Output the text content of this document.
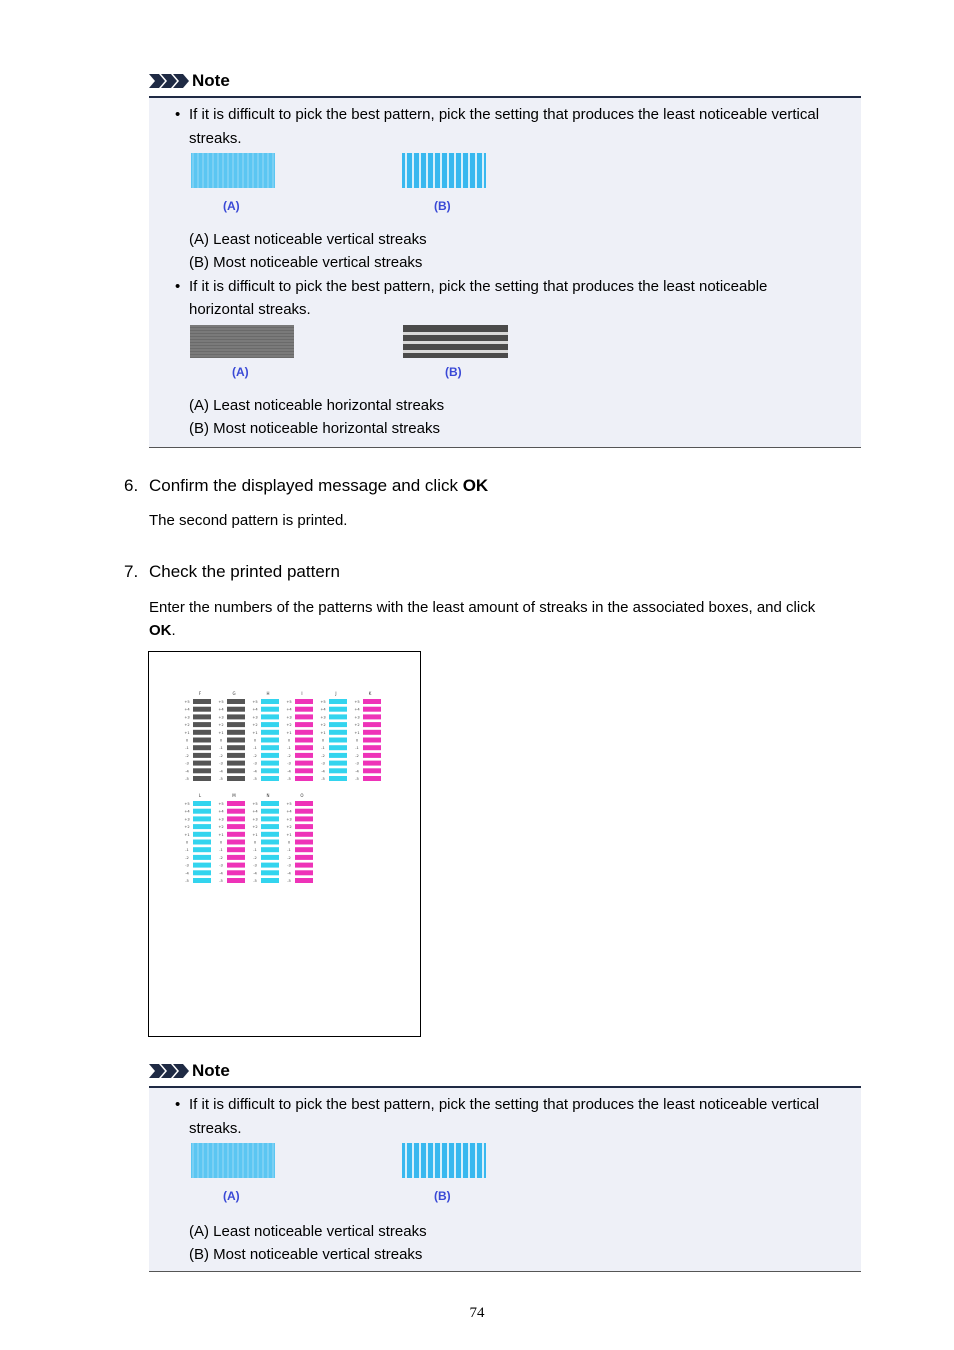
Note
• If it is difficult to pick the best pattern, pick the setting that produces the least noticeable vertical
streaks.
(A)	(B)
(A) Least noticeable vertical streaks
(B) Most noticeable vertical streaks
• If it is difficult to pick the best pattern, pick the setting that produces the least noticeable
horizontal streaks.
(A)	(B)
(A) Least noticeable horizontal streaks
(B) Most noticeable horizontal streaks
6. Confirm the displayed message and click OK
The second pattern is printed.
7. Check the printed pattern
Enter the numbers of the patterns with the least amount of streaks in the associated boxes, and click
OK.
F
+5
+4
+3
+2
+1
0
-1
-2
-3
-4
-5
G
+5
+4
+3
+2
+1
0
-1
-2
-3
-4
-5
H
+5
+4
+3
+2
+1
0
-1
-2
-3
-4
-5
I
+5
+4
+3
+2
+1
0
-1
-2
-3
-4
-5
J
+5
+4
+3
+2
+1
0
-1
-2
-3
-4
-5
K
+5
+4
+3
+2
+1
0
-1
-2
-3
-4
-5
L
+5
+4
+3
+2
+1
0
-1
-2
-3
-4
-5
M
+5
+4
+3
+2
+1
0
-1
-2
-3
-4
-5
N
+5
+4
+3
+2
+1
0
-1
-2
-3
-4
-5
O
+5
+4
+3
+2
+1
0
-1
-2
-3
-4
-5
Note
• If it is difficult to pick the best pattern, pick the setting that produces the least noticeable vertical
streaks.
(A)	(B)
(A) Least noticeable vertical streaks
(B) Most noticeable vertical streaks
74
